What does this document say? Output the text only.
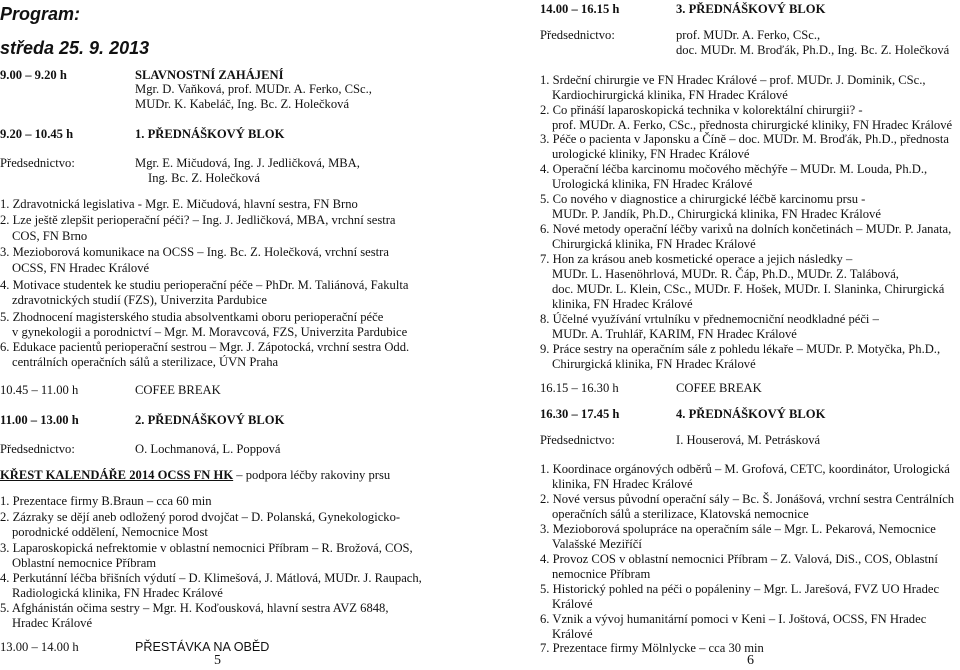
Program:
středa 25. 9. 2013
9.00 – 9.20 h	SLAVNOSTNÍ ZAHÁJENÍ
Mgr. D. Vaňková, prof. MUDr. A. Ferko, CSc.,
MUDr. K. Kabeláč, Ing. Bc. Z. Holečková
9.20 – 10.45 h	1. PŘEDNÁŠKOVÝ BLOK
Předsednictvo:	Mgr. E. Mičudová, Ing. J. Jedličková, MBA,
Ing. Bc. Z. Holečková
1. Zdravotnická legislativa - Mgr. E. Mičudová, hlavní sestra, FN Brno
2. Lze ještě zlepšit perioperační péči? – Ing. J. Jedličková, MBA, vrchní sestra
COS, FN Brno
3. Mezioborová komunikace na OCSS – Ing. Bc. Z. Holečková, vrchní sestra
OCSS, FN Hradec Králové
4. Motivace studentek ke studiu perioperační péče – PhDr. M. Taliánová, Fakulta
zdravotnických studií (FZS), Univerzita Pardubice
5. Zhodnocení magisterského studia absolventkami oboru perioperační péče
v gynekologii a porodnictví – Mgr. M. Moravcová, FZS, Univerzita Pardubice
6. Edukace pacientů perioperační sestrou – Mgr. J. Zápotocká, vrchní sestra Odd.
centrálních operačních sálů a sterilizace, ÚVN Praha
10.45 – 11.00 h	COFEE BREAK
11.00 – 13.00 h	2. PŘEDNÁŠKOVÝ BLOK
Předsednictvo:	O. Lochmanová, L. Poppová
KŘEST KALENDÁŘE 2014 OCSS FN HK – podpora léčby rakoviny prsu
1. Prezentace firmy B.Braun – cca 60 min
2. Zázraky se dějí aneb odložený porod dvojčat – D. Polanská, Gynekologicko-
porodnické oddělení, Nemocnice Most
3. Laparoskopická nefrektomie v oblastní nemocnici Příbram – R. Brožová, COS,
Oblastní nemocnice Příbram
4. Perkutánní léčba břišních výdutí – D. Klimešová, J. Mátlová, MUDr. J. Raupach,
Radiologická klinika, FN Hradec Králové
5. Afghánistán očima sestry – Mgr. H. Koďousková, hlavní sestra AVZ 6848,
Hradec Králové
13.00 – 14.00 h	PŘESTÁVKA NA OBĚD
5
14.00 – 16.15 h	3. PŘEDNÁŠKOVÝ BLOK
Předsednictvo:	prof. MUDr. A. Ferko, CSc.,
doc. MUDr. M. Broďák, Ph.D., Ing. Bc. Z. Holečková
1. Srdeční chirurgie ve FN Hradec Králové – prof. MUDr. J. Dominik, CSc.,
Kardiochirurgická klinika, FN Hradec Králové
2. Co přináší laparoskopická technika v kolorektální chirurgii? -
prof. MUDr. A. Ferko, CSc., přednosta chirurgické kliniky, FN Hradec Králové
3. Péče o pacienta v Japonsku a Číně – doc. MUDr. M. Broďák, Ph.D., přednosta
urologické kliniky, FN Hradec Králové
4. Operační léčba karcinomu močového měchýře – MUDr. M. Louda, Ph.D.,
Urologická klinika, FN Hradec Králové
5. Co nového v diagnostice a chirurgické léčbě karcinomu prsu -
MUDr. P. Jandík, Ph.D., Chirurgická klinika, FN Hradec Králové
6. Nové metody operační léčby varixů na dolních končetinách – MUDr. P. Janata,
Chirurgická klinika, FN Hradec Králové
7. Hon za krásou aneb kosmetické operace a jejich následky –
MUDr. L. Hasenöhrlová, MUDr. R. Čáp, Ph.D., MUDr. Z. Talábová,
doc. MUDr. L. Klein, CSc., MUDr. F. Hošek, MUDr. I. Slaninka, Chirurgická
klinika, FN Hradec Králové
8. Účelné využívání vrtulníku v přednemocniční neodkladné péči –
MUDr. A. Truhlář, KARIM, FN Hradec Králové
9. Práce sestry na operačním sále z pohledu lékaře – MUDr. P. Motyčka, Ph.D.,
Chirurgická klinika, FN Hradec Králové
16.15 – 16.30 h	COFEE BREAK
16.30 – 17.45 h	4. PŘEDNÁŠKOVÝ BLOK
Předsednictvo:	I. Houserová, M. Petrásková
1. Koordinace orgánových odběrů – M. Grofová, CETC, koordinátor, Urologická
klinika, FN Hradec Králové
2. Nové versus původní operační sály – Bc. Š. Jonášová, vrchní sestra Centrálních
operačních sálů a sterilizace, Klatovská nemocnice
3. Mezioborová spolupráce na operačním sále – Mgr. L. Pekarová, Nemocnice
Valašské Meziříčí
4. Provoz COS v oblastní nemocnici Příbram – Z. Valová, DiS., COS, Oblastní
nemocnice Příbram
5. Historický pohled na péči o popáleniny – Mgr. L. Jarešová, FVZ UO Hradec
Králové
6. Vznik a vývoj humanitární pomoci v Keni – I. Joštová, OCSS, FN Hradec
Králové
7. Prezentace firmy Mölnlycke – cca 30 min
6
